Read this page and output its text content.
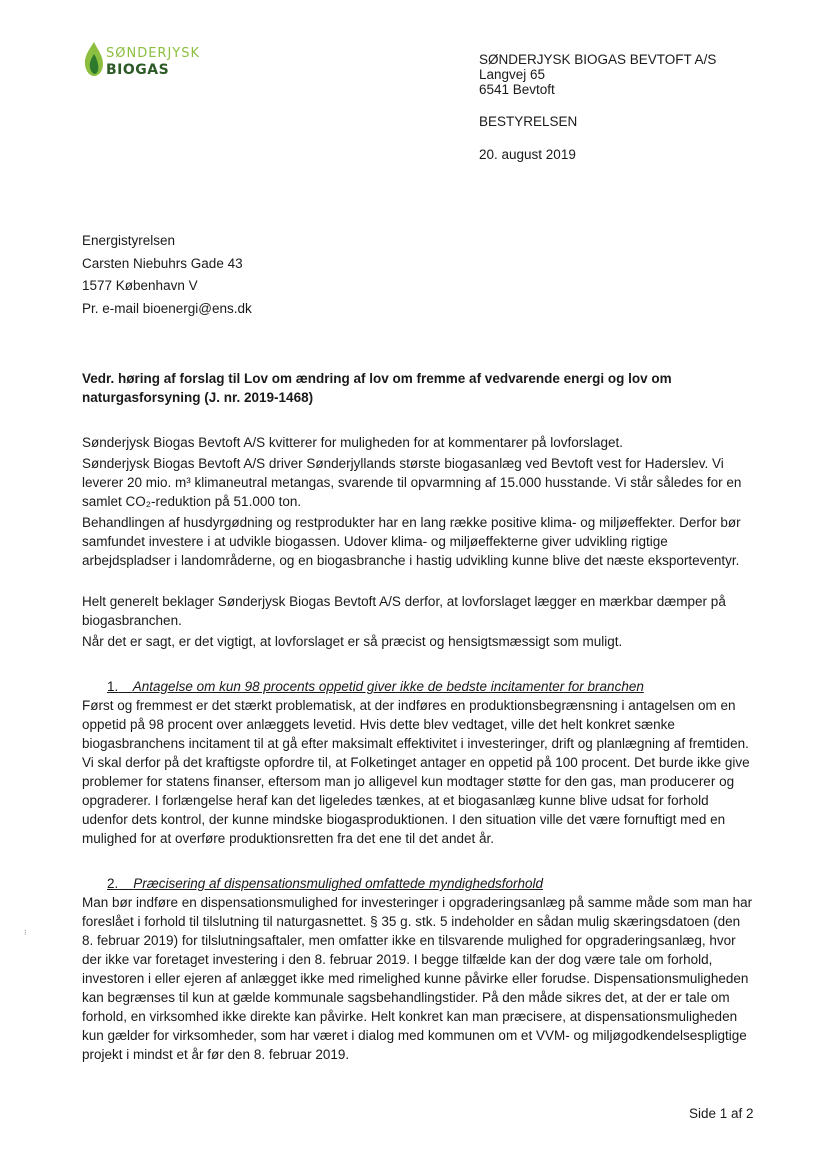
SØNDERJYSK
BIOGAS
SØNDERJYSK BIOGAS BEVTOFT A/S
Langvej 65
6541 Bevtoft
BESTYRELSEN
20. august 2019
Energistyrelsen
Carsten Niebuhrs Gade 43
1577 København V
Pr. e-mail bioenergi@ens.dk
Vedr. høring af forslag til Lov om ændring af lov om fremme af vedvarende energi og lov om naturgasforsyning (J. nr. 2019-1468)
Sønderjysk Biogas Bevtoft A/S kvitterer for muligheden for at kommentarer på lovforslaget.
Sønderjysk Biogas Bevtoft A/S driver Sønderjyllands største biogasanlæg ved Bevtoft vest for Haderslev. Vi leverer 20 mio. m³ klimaneutral metangas, svarende til opvarmning af 15.000 husstande. Vi står således for en samlet CO₂-reduktion på 51.000 ton.
Behandlingen af husdyrgødning og restprodukter har en lang række positive klima- og miljøeffekter. Derfor bør samfundet investere i at udvikle biogassen. Udover klima- og miljøeffekterne giver udvikling rigtige arbejdspladser i landområderne, og en biogasbranche i hastig udvikling kunne blive det næste eksporteventyr.
Helt generelt beklager Sønderjysk Biogas Bevtoft A/S derfor, at lovforslaget lægger en mærkbar dæmper på biogasbranchen.
Når det er sagt, er det vigtigt, at lovforslaget er så præcist og hensigtsmæssigt som muligt.
1. Antagelse om kun 98 procents oppetid giver ikke de bedste incitamenter for branchen
Først og fremmest er det stærkt problematisk, at der indføres en produktionsbegrænsning i antagelsen om en oppetid på 98 procent over anlæggets levetid. Hvis dette blev vedtaget, ville det helt konkret sænke biogasbranchens incitament til at gå efter maksimalt effektivitet i investeringer, drift og planlægning af fremtiden. Vi skal derfor på det kraftigste opfordre til, at Folketinget antager en oppetid på 100 procent. Det burde ikke give problemer for statens finanser, eftersom man jo alligevel kun modtager støtte for den gas, man producerer og opgraderer. I forlængelse heraf kan det ligeledes tænkes, at et biogasanlæg kunne blive udsat for forhold udenfor dets kontrol, der kunne mindske biogasproduktionen. I den situation ville det være fornuftigt med en mulighed for at overføre produktionsretten fra det ene til det andet år.
2. Præcisering af dispensationsmulighed omfattede myndighedsforhold
Man bør indføre en dispensationsmulighed for investeringer i opgraderingsanlæg på samme måde som man har foreslået i forhold til tilslutning til naturgasnettet. § 35 g. stk. 5 indeholder en sådan mulig skæringsdatoen (den 8. februar 2019) for tilslutningsaftaler, men omfatter ikke en tilsvarende mulighed for opgraderingsanlæg, hvor der ikke var foretaget investering i den 8. februar 2019. I begge tilfælde kan der dog være tale om forhold, investoren i eller ejeren af anlægget ikke med rimelighed kunne påvirke eller forudse. Dispensationsmuligheden kan begrænses til kun at gælde kommunale sagsbehandlingstider. På den måde sikres det, at der er tale om forhold, en virksomhed ikke direkte kan påvirke. Helt konkret kan man præcisere, at dispensationsmuligheden kun gælder for virksomheder, som har været i dialog med kommunen om et VVM- og miljøgodkendelsespligtige projekt i mindst et år før den 8. februar 2019.
⁝
Side 1 af 2
